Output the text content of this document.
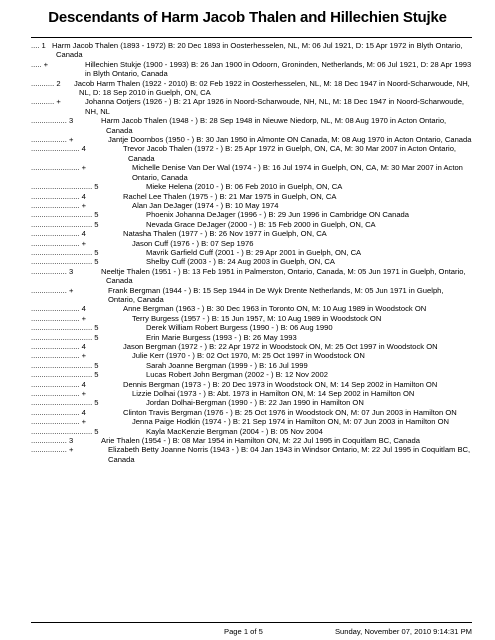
Descendants of Harm Jacob Thalen and Hillechien Stujke
.... 1 Harm Jacob Thalen (1893 - 1972) B: 20 Dec 1893 in Oosterhesselen, NL, M: 06 Jul 1921, D: 15 Apr 1972 in Blyth Ontario, Canada
..... +	Hillechien Stukje (1900 - 1993) B: 26 Jan 1900 in Odoorn, Groninden, Netherlands, M: 06 Jul 1921, D: 28 Apr 1993 in Blyth Ontario, Canada
........... 2 Jacob Harm Thalen (1922 - 2010) B: 02 Feb 1922 in Oosterhesselen, NL, M: 18 Dec 1947 in Noord-Scharwoude, NH, NL, D: 18 Sep 2010 in Guelph, ON, CA
........... +	Johanna Ootjers (1926 - ) B: 21 Apr 1926 in Noord-Scharwoude, NH, NL, M: 18 Dec 1947 in Noord-Scharwoude, NH, NL
................. 3	Harm Jacob Thalen (1948 - ) B: 28 Sep 1948 in Nieuwe Niedorp, NL, M: 08 Aug 1970 in Acton Ontario, Canada
................. +	Jantje Doornbos (1950 - ) B: 30 Jan 1950 in Almonte ON Canada, M: 08 Aug 1970 in Acton Ontario, Canada
....................... 4	Trevor Jacob Thalen (1972 - ) B: 25 Apr 1972 in Guelph, ON, CA, M: 30 Mar 2007 in Acton Ontario, Canada
....................... +	Michelle Denise Van Der Wal (1974 - ) B: 16 Jul 1974 in Guelph, ON, CA, M: 30 Mar 2007 in Acton Ontario, Canada
............................. 5	Mieke Helena (2010 - ) B: 06 Feb 2010 in Guelph, ON, CA
....................... 4	Rachel Lee Thalen (1975 - ) B: 21 Mar 1975 in Guelph, ON, CA
....................... +	Alan Jan DeJager (1974 - ) B: 10 May 1974
............................. 5	Phoenix Johanna DeJager (1996 - ) B: 29 Jun 1996 in Cambridge ON Canada
............................. 5	Nevada Grace DeJager (2000 - ) B: 15 Feb 2000 in Guelph, ON, CA
....................... 4	Natasha Thalen (1977 - ) B: 26 Nov 1977 in Guelph, ON, CA
....................... +	Jason Cuff (1976 - ) B: 07 Sep 1976
............................. 5	Mavrik Garfield Cuff (2001 - ) B: 29 Apr 2001 in Guelph, ON, CA
............................. 5	Shelby Cuff (2003 - ) B: 24 Aug 2003 in Guelph, ON, CA
................. 3	Neeltje Thalen (1951 - ) B: 13 Feb 1951 in Palmerston, Ontario, Canada, M: 05 Jun 1971 in Guelph, Ontario, Canada
................. +	Frank Bergman (1944 - ) B: 15 Sep 1944 in De Wyk Drente Netherlands, M: 05 Jun 1971 in Guelph, Ontario, Canada
....................... 4	Anne Bergman (1963 - ) B: 30 Dec 1963 in Toronto ON, M: 10 Aug 1989 in Woodstock ON
....................... +	Terry Burgess (1957 - ) B: 15 Jun 1957, M: 10 Aug 1989 in Woodstock ON
............................. 5	Derek William Robert Burgess (1990 - ) B: 06 Aug 1990
............................. 5	Erin Marie Burgess (1993 - ) B: 26 May 1993
....................... 4	Jason Bergman (1972 - ) B: 22 Apr 1972 in Woodstock ON, M: 25 Oct 1997 in Woodstock ON
....................... +	Julie Kerr (1970 - ) B: 02 Oct 1970, M: 25 Oct 1997 in Woodstock ON
............................. 5	Sarah Joanne Bergman (1999 - ) B: 16 Jul 1999
............................. 5	Lucas Robert John Bergman (2002 - ) B: 12 Nov 2002
....................... 4	Dennis Bergman (1973 - ) B: 20 Dec 1973 in Woodstock ON, M: 14 Sep 2002 in Hamilton ON
....................... +	Lizzie Dolhai (1973 - ) B: Abt. 1973 in Hamilton ON, M: 14 Sep 2002 in Hamilton ON
............................. 5	Jordan Dolhai-Bergman (1990 - ) B: 22 Jan 1990 in Hamilton ON
....................... 4	Clinton Travis Bergman (1976 - ) B: 25 Oct 1976 in Woodstock ON, M: 07 Jun 2003 in Hamilton ON
....................... +	Jenna Paige Hodkin (1974 - ) B: 21 Sep 1974 in Hamilton ON, M: 07 Jun 2003 in Hamilton ON
............................. 5	Kayla MacKenzie Bergman (2004 - ) B: 05 Nov 2004
................. 3	Arie Thalen (1954 - ) B: 08 Mar 1954 in Hamilton ON, M: 22 Jul 1995 in Coquitlam BC, Canada
................. +	Elizabeth Betty Joanne Norris (1943 - ) B: 04 Jan 1943 in Windsor Ontario, M: 22 Jul 1995 in Coquitlam BC, Canada
Page 1 of 5	Sunday, November 07, 2010 9:14:31 PM
